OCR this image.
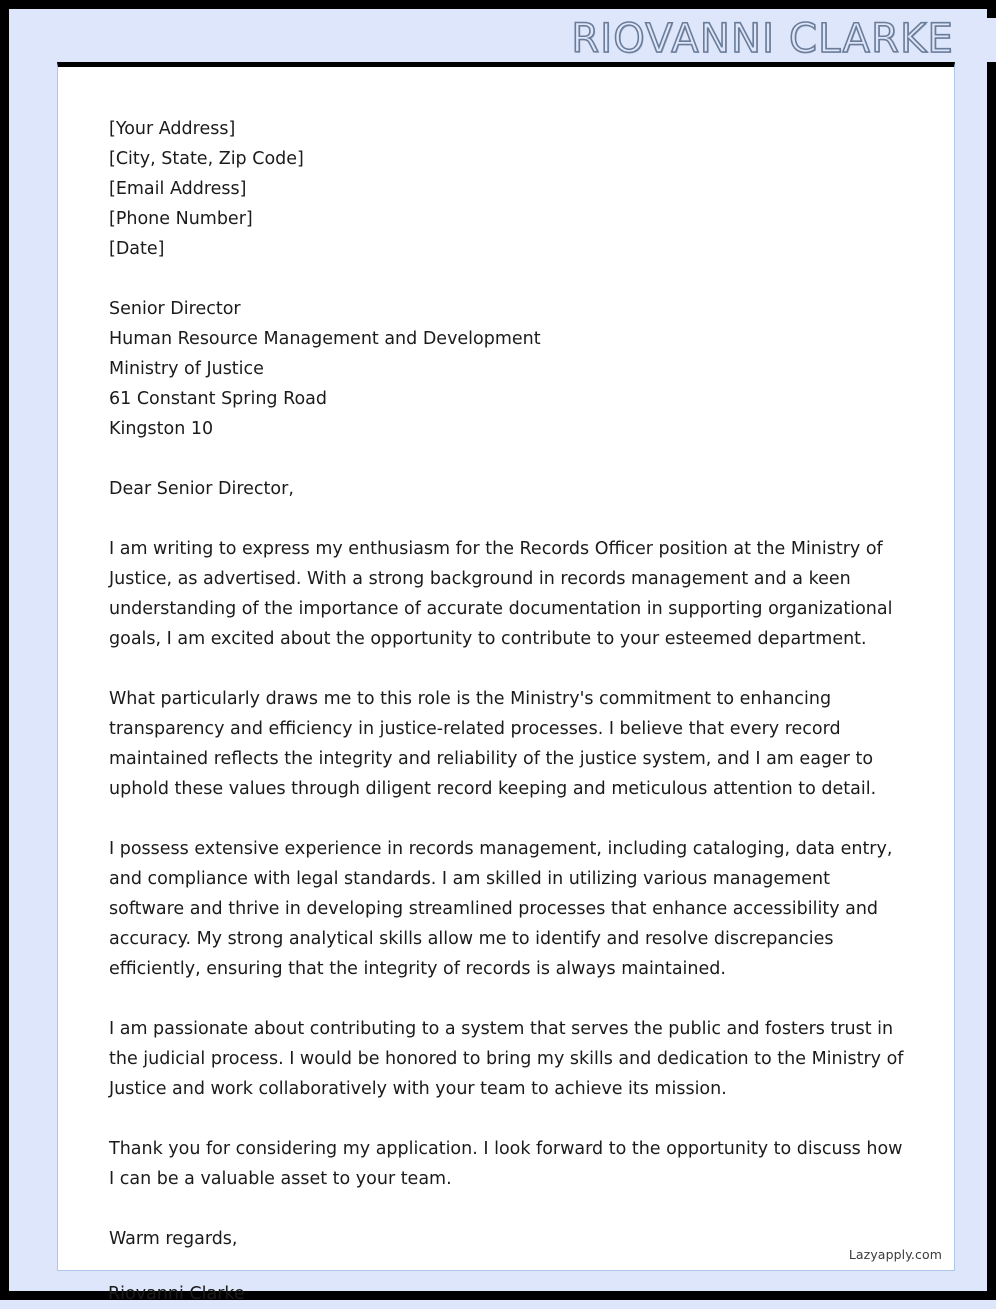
RIOVANNI CLARKE
[Your Address]
[City, State, Zip Code]
[Email Address]
[Phone Number]
[Date]
Senior Director
Human Resource Management and Development
Ministry of Justice
61 Constant Spring Road
Kingston 10
Dear Senior Director,

I am writing to express my enthusiasm for the Records Officer position at the Ministry of Justice, as advertised. With a strong background in records management and a keen understanding of the importance of accurate documentation in supporting organizational goals, I am excited about the opportunity to contribute to your esteemed department.

What particularly draws me to this role is the Ministry's commitment to enhancing transparency and efficiency in justice-related processes. I believe that every record maintained reflects the integrity and reliability of the justice system, and I am eager to uphold these values through diligent record keeping and meticulous attention to detail.

I possess extensive experience in records management, including cataloging, data entry, and compliance with legal standards. I am skilled in utilizing various management software and thrive in developing streamlined processes that enhance accessibility and accuracy. My strong analytical skills allow me to identify and resolve discrepancies efficiently, ensuring that the integrity of records is always maintained.

I am passionate about contributing to a system that serves the public and fosters trust in the judicial process. I would be honored to bring my skills and dedication to the Ministry of Justice and work collaboratively with your team to achieve its mission.

Thank you for considering my application. I look forward to the opportunity to discuss how I can be a valuable asset to your team.

Warm regards,
Lazyapply.com
Riovanni Clarke
